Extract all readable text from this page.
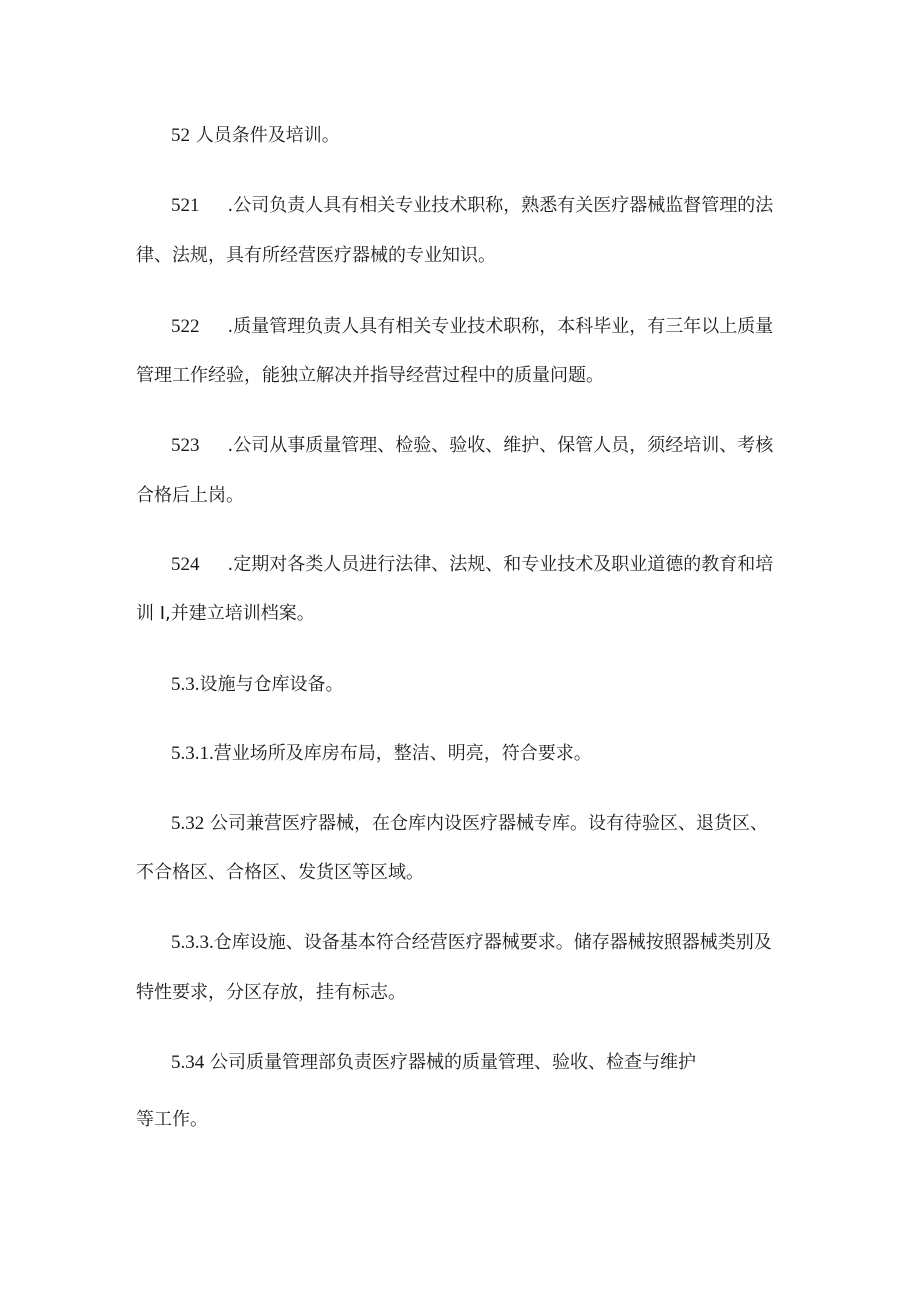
52 人员条件及培训。
521 .公司负责人具有相关专业技术职称，熟悉有关医疗器械监督管理的法
律、法规，具有所经营医疗器械的专业知识。
522 .质量管理负责人具有相关专业技术职称，本科毕业，有三年以上质量
管理工作经验，能独立解决并指导经营过程中的质量问题。
523 .公司从事质量管理、检验、验收、维护、保管人员，须经培训、考核
合格后上岗。
524 .定期对各类人员进行法律、法规、和专业技术及职业道德的教育和培
训 I,并建立培训档案。
5.3.设施与仓库设备。
5.3.1.营业场所及库房布局，整洁、明亮，符合要求。
5.32 公司兼营医疗器械，在仓库内设医疗器械专库。设有待验区、退货区、
不合格区、合格区、发货区等区域。
5.3.3.仓库设施、设备基本符合经营医疗器械要求。储存器械按照器械类别及
特性要求，分区存放，挂有标志。
5.34 公司质量管理部负责医疗器械的质量管理、验收、检查与维护
等工作。
